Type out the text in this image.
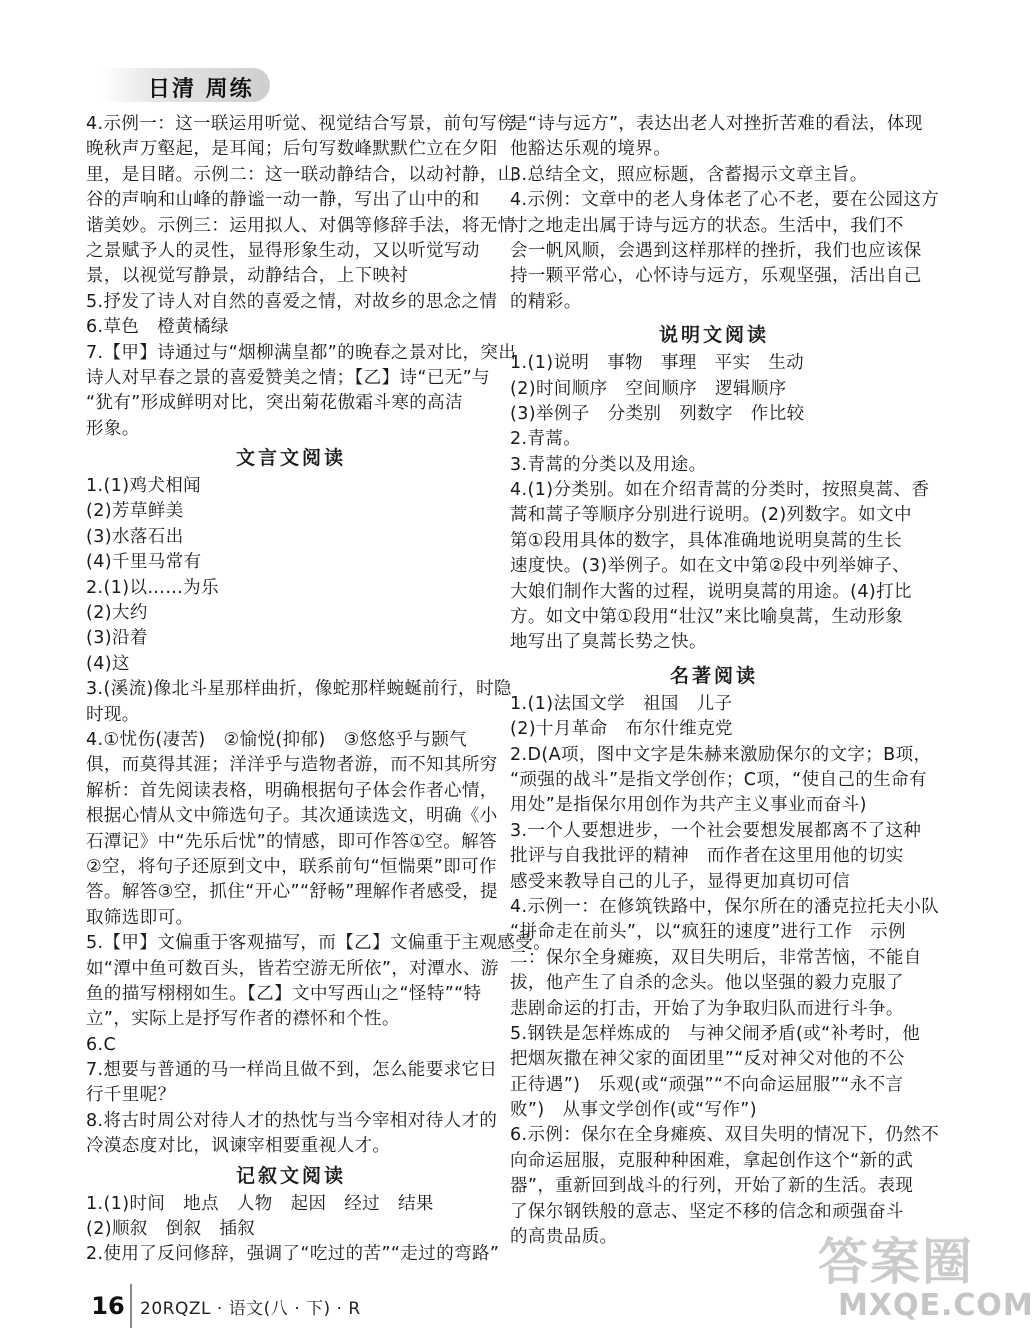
日清 周练
4.示例一：这一联运用听觉、视觉结合写景，前句写傍
晚秋声万壑起，是耳闻；后句写数峰默默伫立在夕阳
里，是目睹。示例二：这一联动静结合，以动衬静，山
谷的声响和山峰的静谧一动一静，写出了山中的和
谐美妙。示例三：运用拟人、对偶等修辞手法，将无情
之景赋予人的灵性，显得形象生动，又以听觉写动
景，以视觉写静景，动静结合，上下映衬
5.抒发了诗人对自然的喜爱之情，对故乡的思念之情
6.草色　橙黄橘绿
7.【甲】诗通过与“烟柳满皇都”的晚春之景对比，突出
诗人对早春之景的喜爱赞美之情；【乙】诗“已无”与
“犹有”形成鲜明对比，突出菊花傲霜斗寒的高洁
形象。
文言文阅读
1.(1)鸡犬相闻
(2)芳草鲜美
(3)水落石出
(4)千里马常有
2.(1)以……为乐
(2)大约
(3)沿着
(4)这
3.(溪流)像北斗星那样曲折，像蛇那样蜿蜒前行，时隐
时现。
4.①忧伤(凄苦)　②愉悦(抑郁)　③悠悠乎与颢气
俱，而莫得其涯；洋洋乎与造物者游，而不知其所穷
解析：首先阅读表格，明确根据句子体会作者心情，
根据心情从文中筛选句子。其次通读选文，明确《小
石潭记》中“先乐后忧”的情感，即可作答①空。解答
②空，将句子还原到文中，联系前句“恒惴栗”即可作
答。解答③空，抓住“开心”“舒畅”理解作者感受，提
取筛选即可。
5.【甲】文偏重于客观描写，而【乙】文偏重于主观感受。
如“潭中鱼可数百头，皆若空游无所依”，对潭水、游
鱼的描写栩栩如生。【乙】文中写西山之“怪特”“特
立”，实际上是抒写作者的襟怀和个性。
6.C
7.想要与普通的马一样尚且做不到，怎么能要求它日
行千里呢？
8.将古时周公对待人才的热忱与当今宰相对待人才的
冷漠态度对比，讽谏宰相要重视人才。
记叙文阅读
1.(1)时间　地点　人物　起因　经过　结果
(2)顺叙　倒叙　插叙
2.使用了反问修辞，强调了“吃过的苦”“走过的弯路”
是“诗与远方”，表达出老人对挫折苦难的看法，体现
他豁达乐观的境界。
3.总结全文，照应标题，含蓄揭示文章主旨。
4.示例：文章中的老人身体老了心不老，要在公园这方
寸之地走出属于诗与远方的状态。生活中，我们不
会一帆风顺，会遇到这样那样的挫折，我们也应该保
持一颗平常心，心怀诗与远方，乐观坚强，活出自己
的精彩。
说明文阅读
1.(1)说明　事物　事理　平实　生动
(2)时间顺序　空间顺序　逻辑顺序
(3)举例子　分类别　列数字　作比较
2.青蒿。
3.青蒿的分类以及用途。
4.(1)分类别。如在介绍青蒿的分类时，按照臭蒿、香
蒿和蒿子等顺序分别进行说明。(2)列数字。如文中
第①段用具体的数字，具体准确地说明臭蒿的生长
速度快。(3)举例子。如在文中第②段中列举婶子、
大娘们制作大酱的过程，说明臭蒿的用途。(4)打比
方。如文中第①段用“壮汉”来比喻臭蒿，生动形象
地写出了臭蒿长势之快。
名著阅读
1.(1)法国文学　祖国　儿子
(2)十月革命　布尔什维克党
2.D(A项，图中文字是朱赫来激励保尔的文字；B项，
“顽强的战斗”是指文学创作；C项，“使自己的生命有
用处”是指保尔用创作为共产主义事业而奋斗)
3.一个人要想进步，一个社会要想发展都离不了这种
批评与自我批评的精神　而作者在这里用他的切实
感受来教导自己的儿子，显得更加真切可信
4.示例一：在修筑铁路中，保尔所在的潘克拉托夫小队
“拼命走在前头”，以“疯狂的速度”进行工作　示例
二：保尔全身瘫痪，双目失明后，非常苦恼，不能自
拔，他产生了自杀的念头。他以坚强的毅力克服了
悲剧命运的打击，开始了为争取归队而进行斗争。
5.钢铁是怎样炼成的　与神父闹矛盾(或“补考时，他
把烟灰撒在神父家的面团里”“反对神父对他的不公
正待遇”)　乐观(或“顽强”“不向命运屈服”“永不言
败”)　从事文学创作(或“写作”)
6.示例：保尔在全身瘫痪、双目失明的情况下，仍然不
向命运屈服，克服种种困难，拿起创作这个“新的武
器”，重新回到战斗的行列，开始了新的生活。表现
了保尔钢铁般的意志、坚定不移的信念和顽强奋斗
的高贵品质。
16 20RQZL · 语文(八 · 下) · R
答案圈
MXQE.COM
